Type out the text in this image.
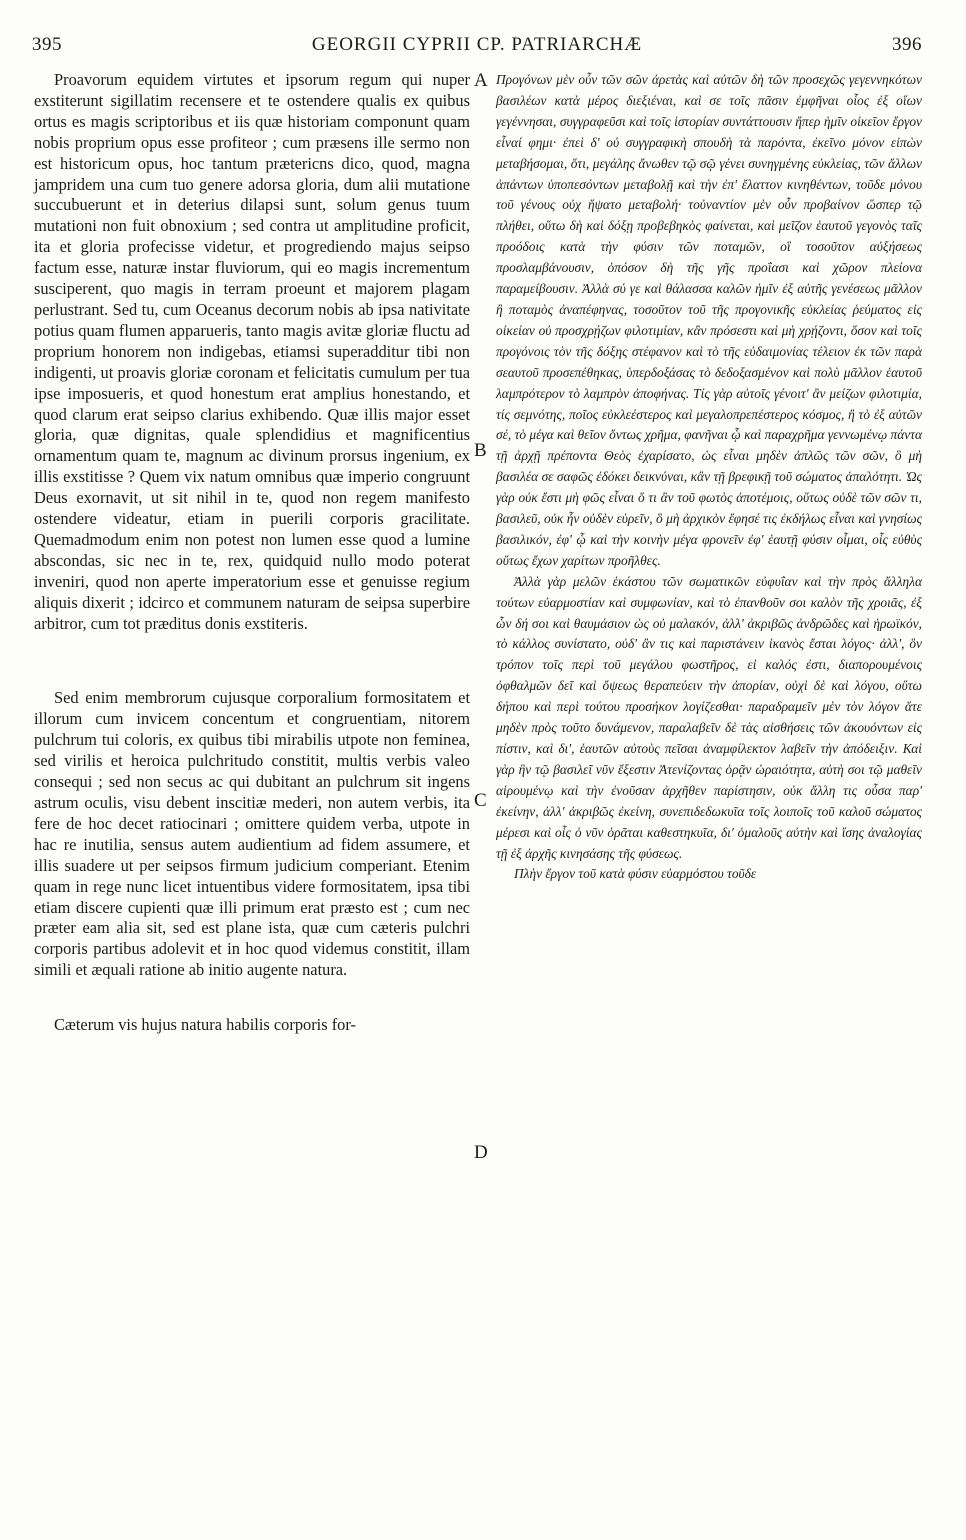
395	GEORGII CYPRII CP. PATRIARCHÆ	396

Proavorum equidem virtutes et ipsorum regum qui nuper exstiterunt sigillatim recensere et te ostendere qualis ex quibus ortus es magis scriptoribus et iis quæ historiam componunt quam nobis proprium opus esse profiteor ; cum præsens ille sermo non est historicum opus, hoc tantum prætericns dico, quod, magna jampridem una cum tuo genere adorsa gloria, dum alii mutatione succubuerunt et in deterius dilapsi sunt, solum genus tuum mutationi non fuit obnoxium ; sed contra ut amplitudine proficit, ita et gloria profecisse videtur, et progrediendo majus seipso factum esse, naturæ instar fluviorum, qui eo magis incrementum susciperent, quo magis in terram proeunt et majorem plagam perlustrant. Sed tu, cum Oceanus decorum nobis ab ipsa nativitate potius quam flumen apparueris, tanto magis avitæ gloriæ fluctu ad proprium honorem non indigebas, etiamsi superadditur tibi non indigenti, ut proavis gloriæ coronam et felicitatis cumulum per tua ipse imposueris, et quod honestum erat amplius honestando, et quod clarum erat seipso clarius exhibendo. Quæ illis major esset gloria, quæ dignitas, quale splendidius et magnificentius ornamentum quam te, magnum ac divinum prorsus ingenium, ex illis exstitisse ? Quem vix natum omnibus quæ imperio congruunt Deus exornavit, ut sit nihil in te, quod non regem manifesto ostendere videatur, etiam in puerili corporis gracilitate. Quemadmodum enim non potest non lumen esse quod a lumine abscondas, sic nec in te, rex, quidquid nullo modo poterat inveniri, quod non aperte imperatorium esse et genuisse regium aliquis dixerit ; idcirco et communem naturam de seipsa superbire arbitror, cum tot præditus donis exstiteris.

Sed enim membrorum cujusque corporalium formositatem et illorum cum invicem concentum et congruentiam, nitorem pulchrum tui coloris, ex quibus tibi mirabilis utpote non feminea, sed virilis et heroica pulchritudo constitit, multis verbis valeo consequi ; sed non secus ac qui dubitant an pulchrum sit ingens astrum oculis, visu debent inscitiæ mederi, non autem verbis, ita fere de hoc decet ratiocinari ; omittere quidem verba, utpote in hac re inutilia, sensus autem audientium ad fidem assumere, et illis suadere ut per seipsos firmum judicium comperiant. Etenim quam in rege nunc licet intuentibus videre formositatem, ipsa tibi etiam discere cupienti quæ illi primum erat præsto est ; cum nec præter eam alia sit, sed est plane ista, quæ cum cæteris pulchri corporis partibus adolevit et in hoc quod videmus constitit, illam simili et æquali ratione ab initio augente natura.

Cæterum vis hujus natura habilis corporis for-

A
B
C
D

Προγόνων μὲν οὖν τῶν σῶν ἀρετὰς καὶ αὐτῶν δὴ τῶν προσεχῶς γεγεννηκότων βασιλέων κατὰ μέρος διεξιέναι, καὶ σε τοῖς πᾶσιν ἐμφῆναι οἷος ἐξ οἵων γεγέννησαι, συγγραφεῦσι καὶ τοῖς ἱστορίαν συντάττουσιν ἤπερ ἡμῖν οἰκεῖον ἔργον εἶναί φημι· ἐπεὶ δ' οὐ συγγραφικὴ σπουδὴ τὰ παρόντα, ἐκεῖνο μόνον εἰπὼν μεταβήσομαι, ὅτι, μεγάλης ἄνωθεν τῷ σῷ γένει συνηγμένης εὐκλείας, τῶν ἄλλων ἁπάντων ὑποπεσόντων μεταβολῇ καὶ τὴν ἐπ' ἔλαττον κινηθέντων, τοῦδε μόνου τοῦ γένους οὐχ ἥψατο μεταβολή· τοὐναντίον μὲν οὖν προβαίνον ὥσπερ τῷ πλήθει, οὕτω δὴ καὶ δόξῃ προβεβηκὸς φαίνεται, καὶ μεῖζον ἑαυτοῦ γεγονὸς ταῖς προόδοις κατὰ τὴν φύσιν τῶν ποταμῶν, οἳ τοσοῦτον αὐξήσεως προσλαμβάνουσιν, ὁπόσον δὴ τῆς γῆς προΐασι καὶ χῶρον πλείονα παραμείβουσιν. Ἀλλὰ σύ γε καὶ θάλασσα καλῶν ἡμῖν ἐξ αὐτῆς γενέσεως μᾶλλον ἢ ποταμὸς ἀναπέφηνας, τοσοῦτον τοῦ τῆς προγονικῆς εὐκλείας ῥεύματος εἰς οἰκείαν οὐ προσχρῄζων φιλοτιμίαν, κἂν πρόσεστι καὶ μὴ χρῄζοντι, ὅσον καὶ τοῖς προγόνοις τὸν τῆς δόξης στέφανον καὶ τὸ τῆς εὐδαιμονίας τέλειον ἐκ τῶν παρὰ σεαυτοῦ προσεπέθηκας, ὑπερδοξάσας τὸ δεδοξασμένον καὶ πολὺ μᾶλλον ἑαυτοῦ λαμπρότερον τὸ λαμπρὸν ἀποφήνας. Τίς γὰρ αὐτοῖς γένοιτ' ἂν μείζων φιλοτιμία, τίς σεμνότης, ποῖος εὐκλεέστερος καὶ μεγαλοπρεπέστερος κόσμος, ἢ τὸ ἐξ αὐτῶν σέ, τὸ μέγα καὶ θεῖον ὄντως χρῆμα, φανῆναι ᾧ καὶ παραχρῆμα γεννωμένῳ πάντα τῇ ἀρχῇ πρέποντα Θεὸς ἐχαρίσατο, ὡς εἶναι μηδὲν ἁπλῶς τῶν σῶν, ὃ μὴ βασιλέα σε σαφῶς ἐδόκει δεικνύναι, κἂν τῇ βρεφικῇ τοῦ σώματος ἁπαλότητι. Ὡς γὰρ οὐκ ἔστι μὴ φῶς εἶναι ὅ τι ἂν τοῦ φωτὸς ἀποτέμοις, οὕτως οὐδὲ τῶν σῶν τι, βασιλεῦ, οὐκ ἦν οὐδὲν εὑρεῖν, ὃ μὴ ἀρχικὸν ἔφησέ τις ἐκδήλως εἶναι καὶ γνησίως βασιλικόν, ἐφ' ᾧ καὶ τὴν κοινὴν μέγα φρονεῖν ἐφ' ἑαυτῇ φύσιν οἶμαι, οἷς εὐθὺς οὕτως ἔχων χαρίτων προῆλθες.

Ἀλλὰ γὰρ μελῶν ἑκάστου τῶν σωματικῶν εὐφυΐαν καὶ τὴν πρὸς ἄλληλα τούτων εὐαρμοστίαν καὶ συμφωνίαν, καὶ τὸ ἐπανθοῦν σοι καλὸν τῆς χροιᾶς, ἐξ ὧν δή σοι καὶ θαυμάσιον ὡς οὐ μαλακόν, ἀλλ' ἀκριβῶς ἀνδρῶδες καὶ ἡρωϊκόν, τὸ κάλλος συνίστατο, οὐδ' ἂν τις καὶ παριστάνειν ἱκανὸς ἔσται λόγος· ἀλλ', ὃν τρόπον τοῖς περὶ τοῦ μεγάλου φωστῆρος, εἰ καλός ἐστι, διαπορουμένοις ὀφθαλμῶν δεῖ καὶ ὄψεως θεραπεύειν τὴν ἀπορίαν, οὐχὶ δὲ καὶ λόγου, οὕτω δήπου καὶ περὶ τούτου προσήκον λογίζεσθαι· παραδραμεῖν μὲν τὸν λόγον ἅτε μηδὲν πρὸς τοῦτο δυνάμενον, παραλαβεῖν δὲ τὰς αἰσθήσεις τῶν ἀκουόντων εἰς πίστιν, καὶ δι', ἑαυτῶν αὐτοὺς πεῖσαι ἀναμφίλεκτον λαβεῖν τὴν ἀπόδειξιν. Καὶ γὰρ ἣν τῷ βασιλεῖ νῦν ἔξεστιν Ἀτενίζοντας ὁρᾷν ὡραιότητα, αὐτὴ σοι τῷ μαθεῖν αἱρουμένῳ καὶ τὴν ἐνοῦσαν ἀρχῆθεν παρίστησιν, οὐκ ἄλλη τις οὖσα παρ' ἐκείνην, ἀλλ' ἀκριβῶς ἐκείνη, συνεπιδεδωκυῖα τοῖς λοιποῖς τοῦ καλοῦ σώματος μέρεσι καὶ οἷς ὁ νῦν ὁρᾶται καθεστηκυῖα, δι' ὁμαλοῦς αὐτὴν καὶ ἴσης ἀναλογίας τῇ ἐξ ἀρχῆς κινησάσης τῆς φύσεως.

Πλὴν ἔργον τοῦ κατὰ φύσιν εὐαρμόστου τοῦδε
